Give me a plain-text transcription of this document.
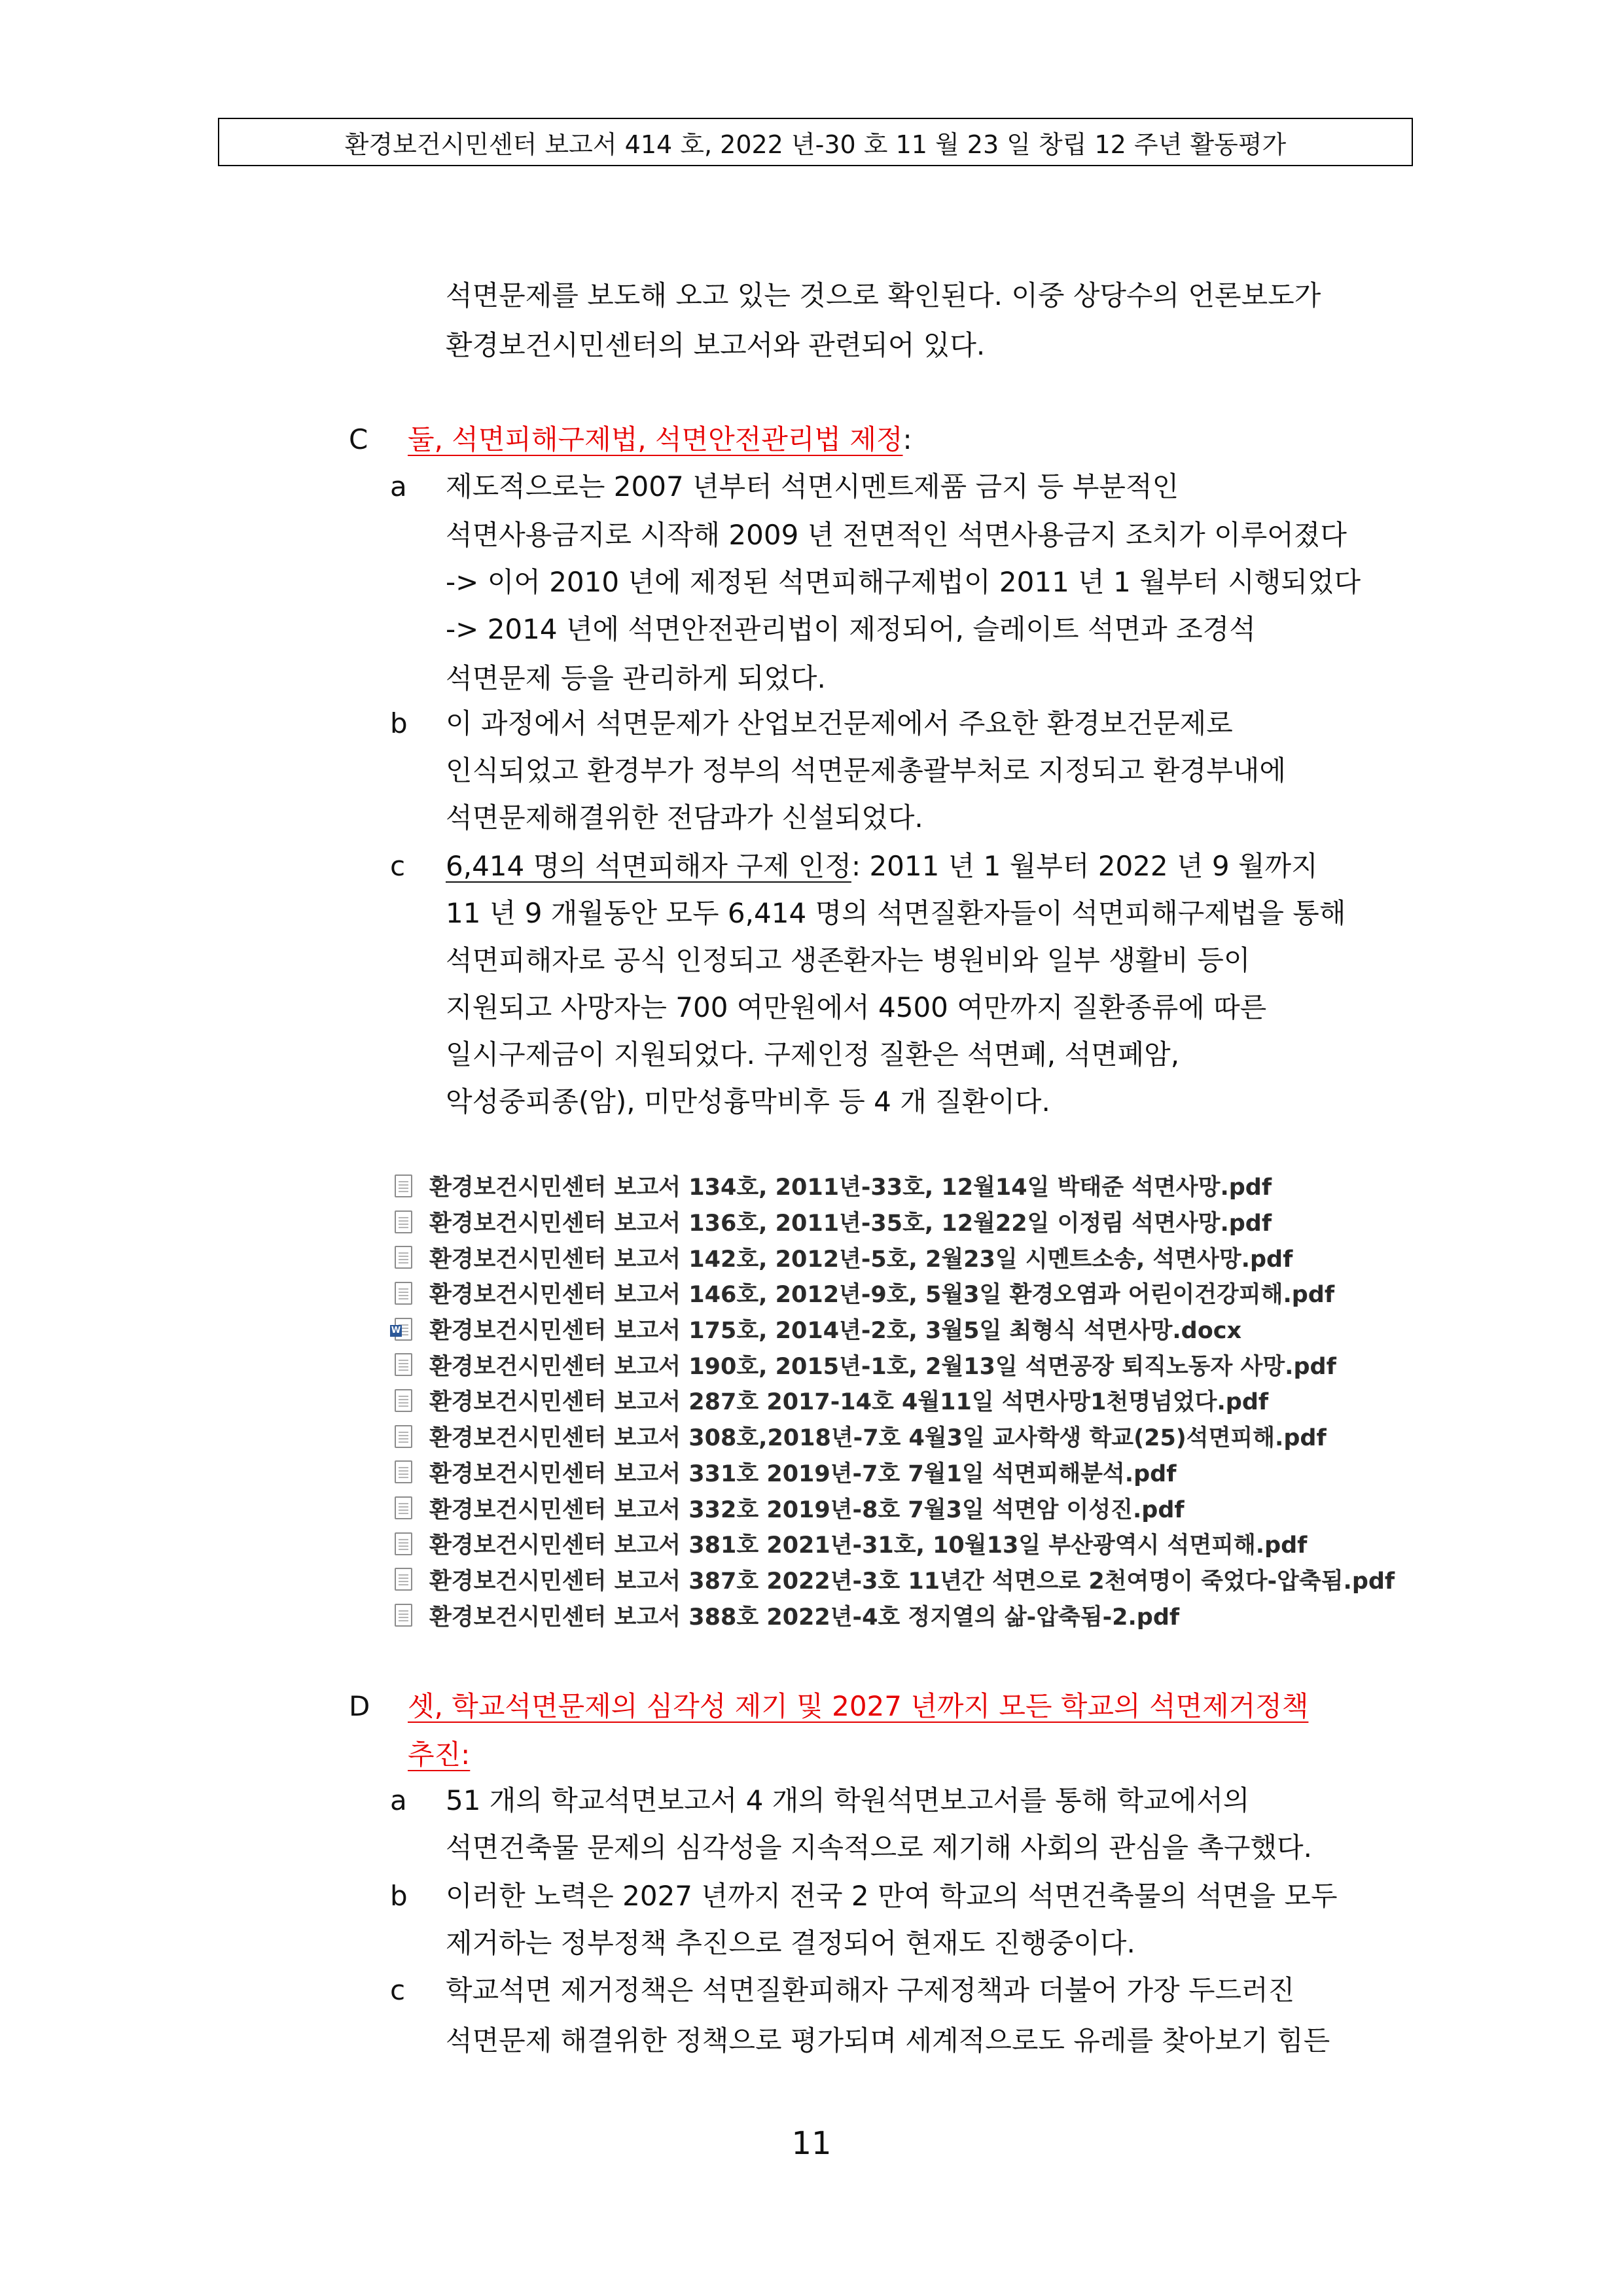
환경보건시민센터 보고서 414 호, 2022 년-30 호 11 월 23 일 창립 12 주년 활동평가
석면문제를 보도해 오고 있는 것으로 확인된다. 이중 상당수의 언론보도가
환경보건시민센터의 보고서와 관련되어 있다.
C 둘, 석면피해구제법, 석면안전관리법 제정:
a 제도적으로는 2007 년부터 석면시멘트제품 금지 등 부분적인
석면사용금지로 시작해 2009 년 전면적인 석면사용금지 조치가 이루어졌다
-> 이어 2010 년에 제정된 석면피해구제법이 2011 년 1 월부터 시행되었다
-> 2014 년에 석면안전관리법이 제정되어, 슬레이트 석면과 조경석
석면문제 등을 관리하게 되었다.
b 이 과정에서 석면문제가 산업보건문제에서 주요한 환경보건문제로
인식되었고 환경부가 정부의 석면문제총괄부처로 지정되고 환경부내에
석면문제해결위한 전담과가 신설되었다.
c 6,414 명의 석면피해자 구제 인정: 2011 년 1 월부터 2022 년 9 월까지
11 년 9 개월동안 모두 6,414 명의 석면질환자들이 석면피해구제법을 통해
석면피해자로 공식 인정되고 생존환자는 병원비와 일부 생활비 등이
지원되고 사망자는 700 여만원에서 4500 여만까지 질환종류에 따른
일시구제금이 지원되었다. 구제인정 질환은 석면폐, 석면폐암,
악성중피종(암), 미만성흉막비후 등 4 개 질환이다.
환경보건시민센터 보고서 134호, 2011년-33호, 12월14일 박태준 석면사망.pdf
환경보건시민센터 보고서 136호, 2011년-35호, 12월22일 이정림 석면사망.pdf
환경보건시민센터 보고서 142호, 2012년-5호, 2월23일 시멘트소송, 석면사망.pdf
환경보건시민센터 보고서 146호, 2012년-9호, 5월3일 환경오염과 어린이건강피해.pdf
W
환경보건시민센터 보고서 175호, 2014년-2호, 3월5일 최형식 석면사망.docx
환경보건시민센터 보고서 190호, 2015년-1호, 2월13일 석면공장 퇴직노동자 사망.pdf
환경보건시민센터 보고서 287호 2017-14호 4월11일 석면사망1천명넘었다.pdf
환경보건시민센터 보고서 308호,2018년-7호 4월3일 교사학생 학교(25)석면피해.pdf
환경보건시민센터 보고서 331호 2019년-7호 7월1일 석면피해분석.pdf
환경보건시민센터 보고서 332호 2019년-8호 7월3일 석면암 이성진.pdf
환경보건시민센터 보고서 381호 2021년-31호, 10월13일 부산광역시 석면피해.pdf
환경보건시민센터 보고서 387호 2022년-3호 11년간 석면으로 2천여명이 죽었다-압축됨.pdf
환경보건시민센터 보고서 388호 2022년-4호 정지열의 삶-압축됨-2.pdf
D 셋, 학교석면문제의 심각성 제기 및 2027 년까지 모든 학교의 석면제거정책
추진:
a 51 개의 학교석면보고서 4 개의 학원석면보고서를 통해 학교에서의
석면건축물 문제의 심각성을 지속적으로 제기해 사회의 관심을 촉구했다.
b 이러한 노력은 2027 년까지 전국 2 만여 학교의 석면건축물의 석면을 모두
제거하는 정부정책 추진으로 결정되어 현재도 진행중이다.
c 학교석면 제거정책은 석면질환피해자 구제정책과 더불어 가장 두드러진
석면문제 해결위한 정책으로 평가되며 세계적으로도 유레를 찾아보기 힘든
11
